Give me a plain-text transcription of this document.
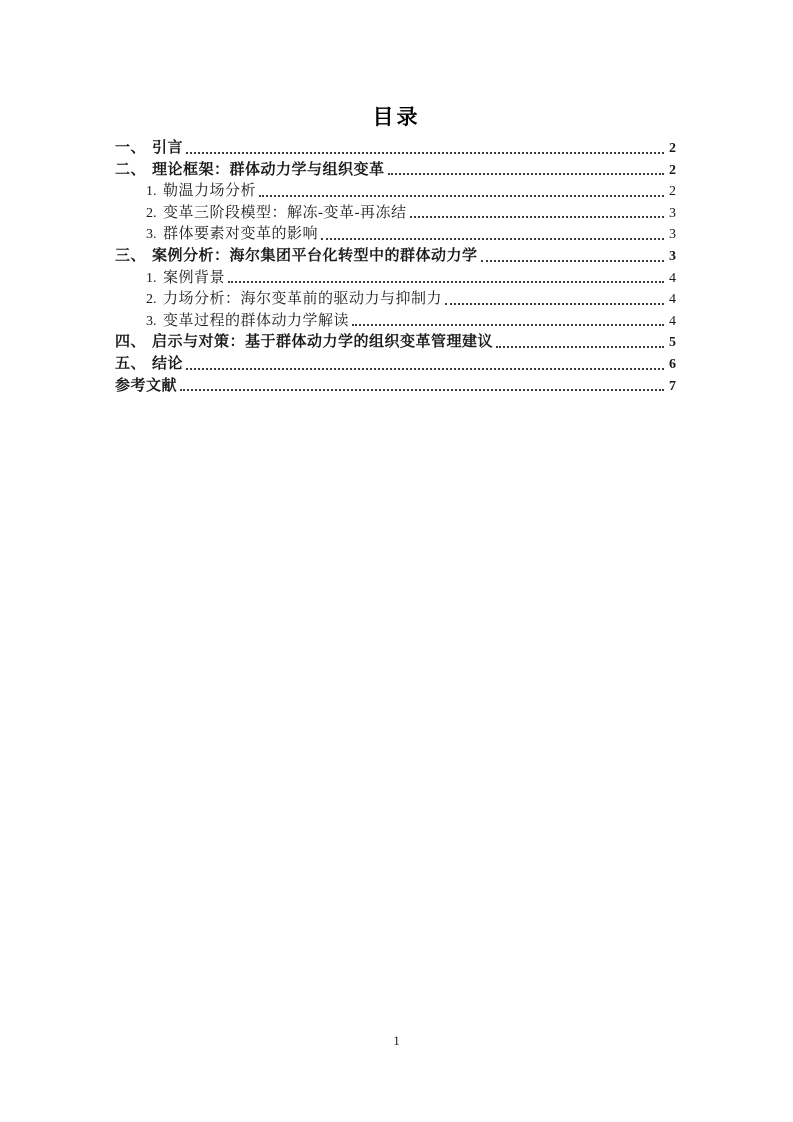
目录
一、 引言	2
二、 理论框架：群体动力学与组织变革	2
1. 勒温力场分析	2
2. 变革三阶段模型：解冻-变革-再冻结	3
3. 群体要素对变革的影响	3
三、 案例分析：海尔集团平台化转型中的群体动力学	3
1. 案例背景	4
2. 力场分析：海尔变革前的驱动力与抑制力	4
3. 变革过程的群体动力学解读	4
四、 启示与对策：基于群体动力学的组织变革管理建议	5
五、 结论	6
参考文献	7
1
